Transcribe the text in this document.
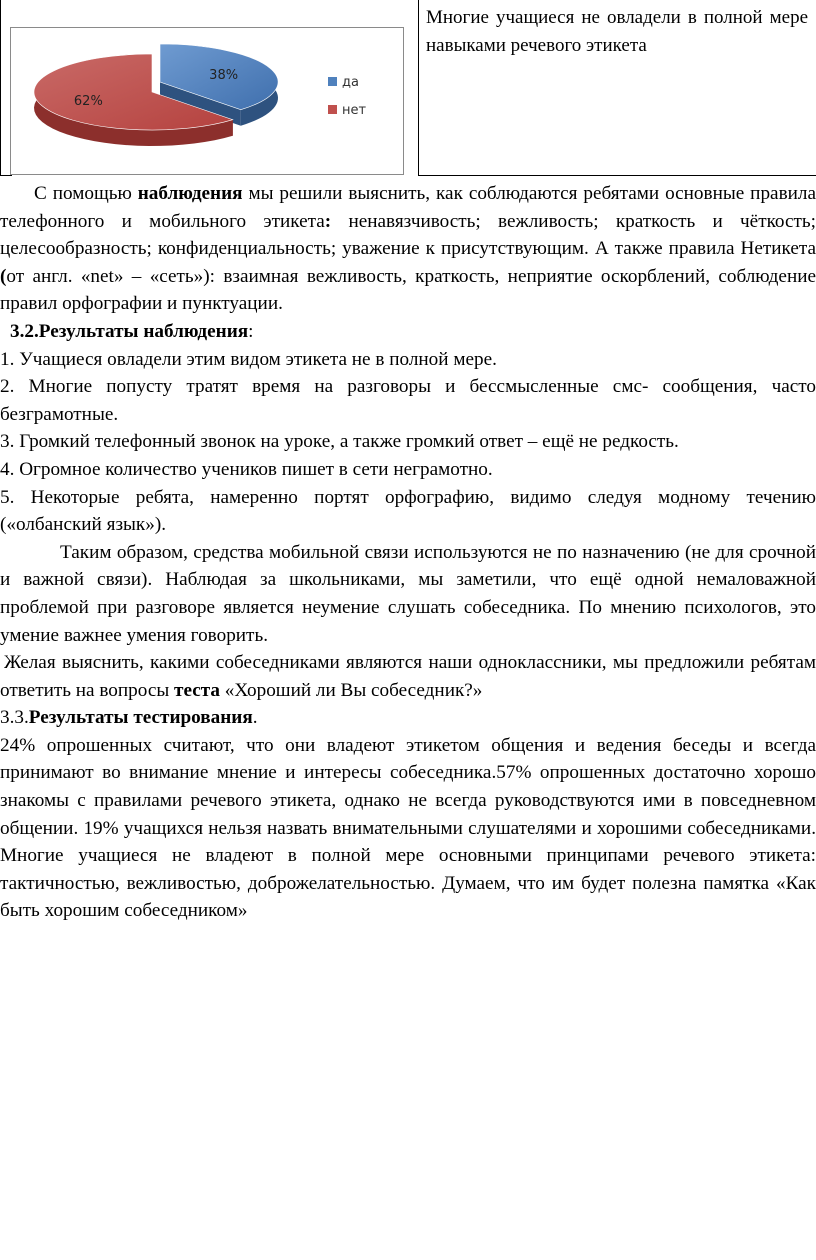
38%
62%
да
нет
Многие учащиеся не овладели в полной мере навыками речевого этикета

С помощью наблюдения мы решили выяснить, как соблюдаются ребятами основные правила телефонного и мобильного этикета: ненавязчивость; вежливость; краткость и чёткость; целесообразность; конфиденциальность; уважение к присутствующим. А также правила Нетикета (от англ. «net» – «сеть»): взаимная вежливость, краткость, неприятие оскорблений, соблюдение правил орфографии и пунктуации.

3.2.Результаты наблюдения:

1. Учащиеся овладели этим видом этикета не в полной мере.

2. Многие попусту тратят время на разговоры и бессмысленные смс- сообщения, часто безграмотные.

3. Громкий телефонный звонок на уроке, а также громкий ответ – ещё не редкость.

4. Огромное количество учеников пишет в сети неграмотно.

5. Некоторые ребята, намеренно портят орфографию, видимо следуя модному течению («олбанский язык»).

Таким образом, средства мобильной связи используются не по назначению (не для срочной и важной связи). Наблюдая за школьниками, мы заметили, что ещё одной немаловажной проблемой при разговоре является неумение слушать собеседника. По мнению психологов, это умение важнее умения говорить.

Желая выяснить, какими собеседниками являются наши одноклассники, мы предложили ребятам ответить на вопросы теста «Хороший ли Вы собеседник?»

3.3.Результаты тестирования.

24% опрошенных считают, что они владеют этикетом общения и ведения беседы и всегда принимают во внимание мнение и интересы собеседника.57% опрошенных достаточно хорошо знакомы с правилами речевого этикета, однако не всегда руководствуются ими в повседневном общении. 19% учащихся нельзя назвать внимательными слушателями и хорошими собеседниками. Многие учащиеся не владеют в полной мере основными принципами речевого этикета: тактичностью, вежливостью, доброжелательностью. Думаем, что им будет полезна памятка «Как быть хорошим собеседником»
